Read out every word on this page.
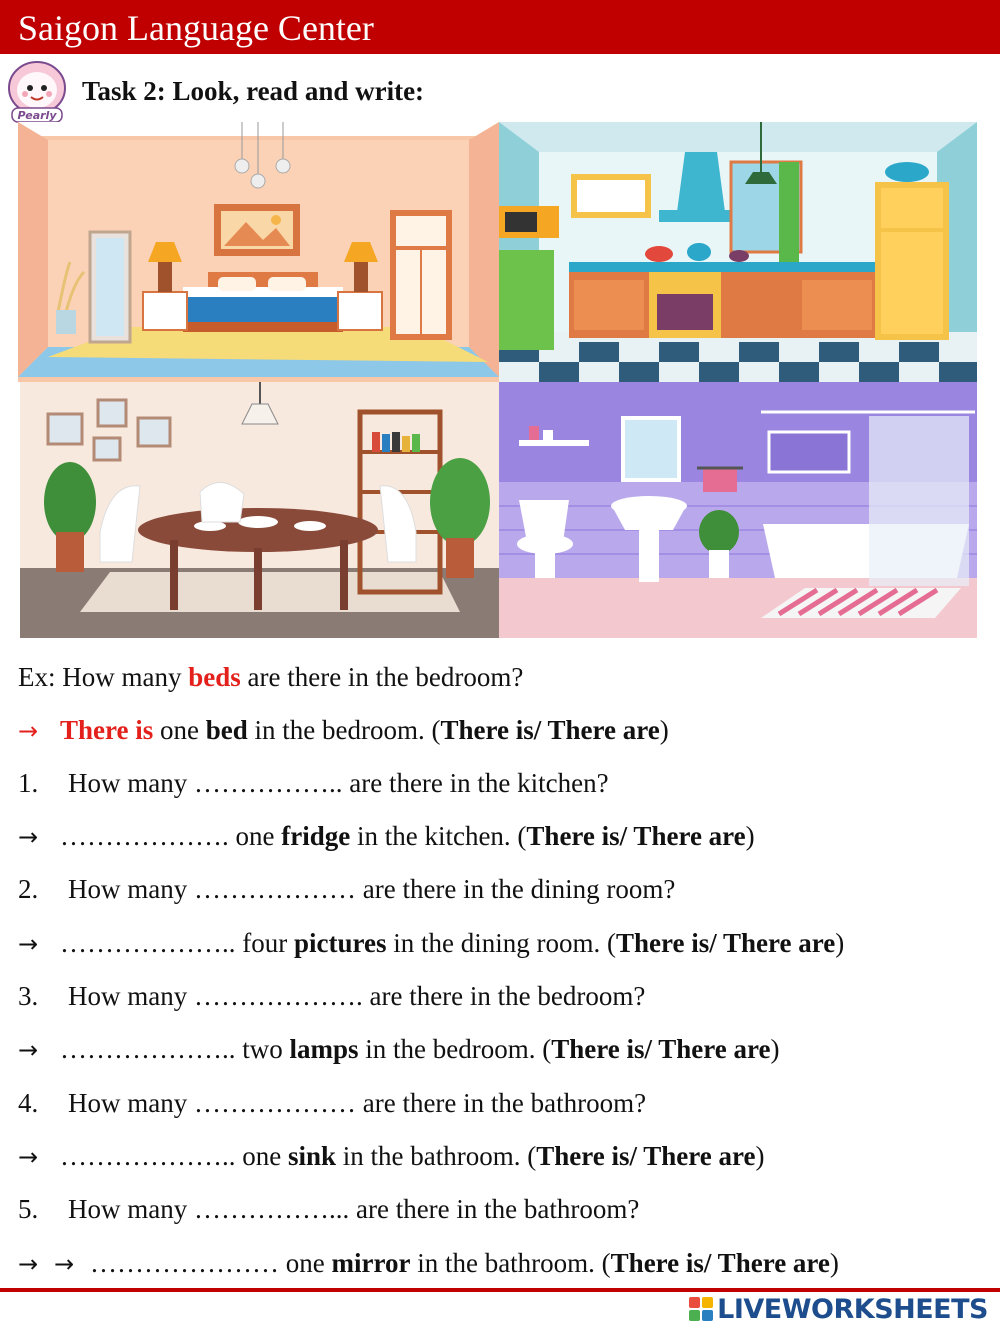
Saigon Language Center
Pearly
Task 2: Look, read and write:
Ex: How many beds are there in the bedroom?
→ There is one bed in the bedroom. (There is/ There are)
1. How many …………….. are there in the kitchen?
→ ………………. one fridge in the kitchen. (There is/ There are)
2. How many ……………… are there in the dining room?
→ ……………….. four pictures in the dining room. (There is/ There are)
3. How many ………………. are there in the bedroom?
→ ……………….. two lamps in the bedroom. (There is/ There are)
4. How many ……………… are there in the bathroom?
→ ……………….. one sink in the bathroom. (There is/ There are)
5. How many ……………... are there in the bathroom?
→ → ………………… one mirror in the bathroom. (There is/ There are)
LIVEWORKSHEETS
